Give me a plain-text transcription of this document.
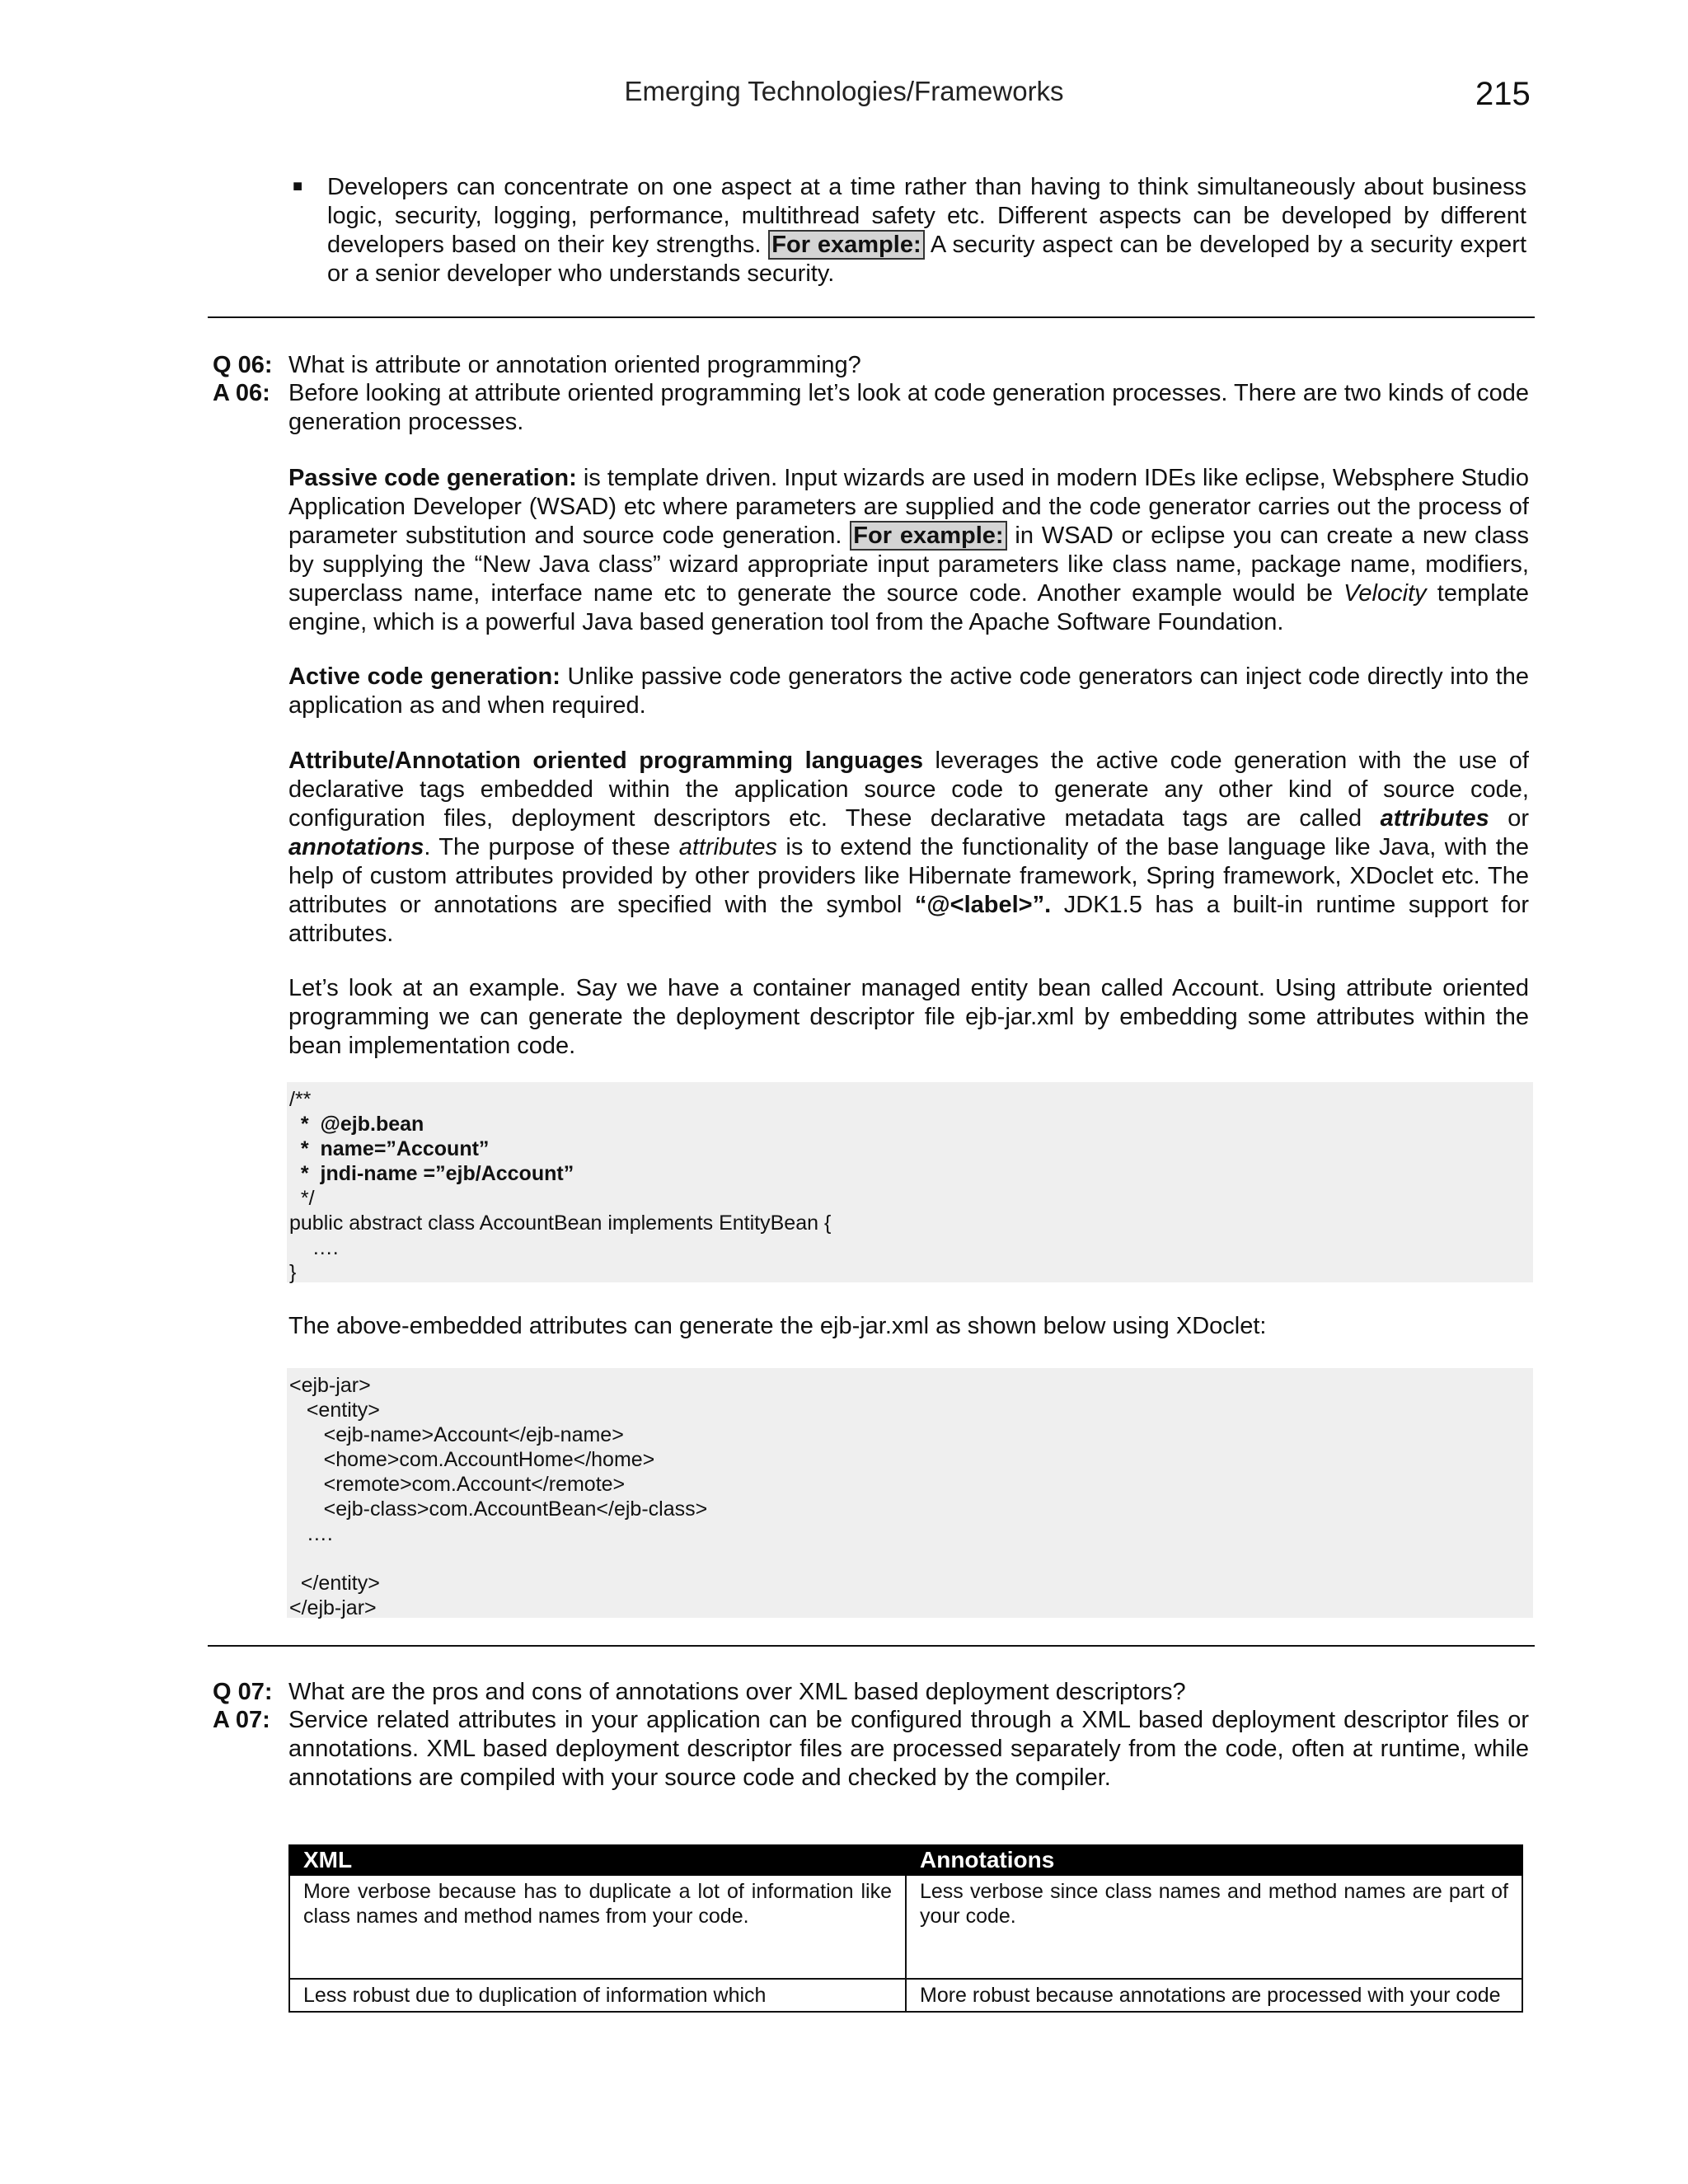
Emerging Technologies/Frameworks	215
■ Developers can concentrate on one aspect at a time rather than having to think simultaneously about business logic, security, logging, performance, multithread safety etc. Different aspects can be developed by different developers based on their key strengths. For example: A security aspect can be developed by a security expert or a senior developer who understands security.
Q 06: What is attribute or annotation oriented programming?
A 06: Before looking at attribute oriented programming let’s look at code generation processes. There are two kinds of code generation processes.
Passive code generation: is template driven. Input wizards are used in modern IDEs like eclipse, Websphere Studio Application Developer (WSAD) etc where parameters are supplied and the code generator carries out the process of parameter substitution and source code generation. For example: in WSAD or eclipse you can create a new class by supplying the “New Java class” wizard appropriate input parameters like class name, package name, modifiers, superclass name, interface name etc to generate the source code. Another example would be Velocity template engine, which is a powerful Java based generation tool from the Apache Software Foundation.
Active code generation: Unlike passive code generators the active code generators can inject code directly into the application as and when required.
Attribute/Annotation oriented programming languages leverages the active code generation with the use of declarative tags embedded within the application source code to generate any other kind of source code, configuration files, deployment descriptors etc. These declarative metadata tags are called attributes or annotations. The purpose of these attributes is to extend the functionality of the base language like Java, with the help of custom attributes provided by other providers like Hibernate framework, Spring framework, XDoclet etc. The attributes or annotations are specified with the symbol “@<label>”. JDK1.5 has a built-in runtime support for attributes.
Let’s look at an example. Say we have a container managed entity bean called Account. Using attribute oriented programming we can generate the deployment descriptor file ejb-jar.xml by embedding some attributes within the bean implementation code.
/**
*  @ejb.bean
*  name=”Account”
*  jndi-name =”ejb/Account”
*/
public abstract class AccountBean implements EntityBean {
….
}
The above-embedded attributes can generate the ejb-jar.xml as shown below using XDoclet:
<ejb-jar>
<entity>
<ejb-name>Account</ejb-name>
<home>com.AccountHome</home>
<remote>com.Account</remote>
<ejb-class>com.AccountBean</ejb-class>
….
</entity>
</ejb-jar>
Q 07: What are the pros and cons of annotations over XML based deployment descriptors?
A 07: Service related attributes in your application can be configured through a XML based deployment descriptor files or annotations. XML based deployment descriptor files are processed separately from the code, often at runtime, while annotations are compiled with your source code and checked by the compiler.
XML	Annotations
More verbose because has to duplicate a lot of information like class names and method names from your code.	Less verbose since class names and method names are part of your code.
Less robust due to duplication of information which	More robust because annotations are processed with your code
